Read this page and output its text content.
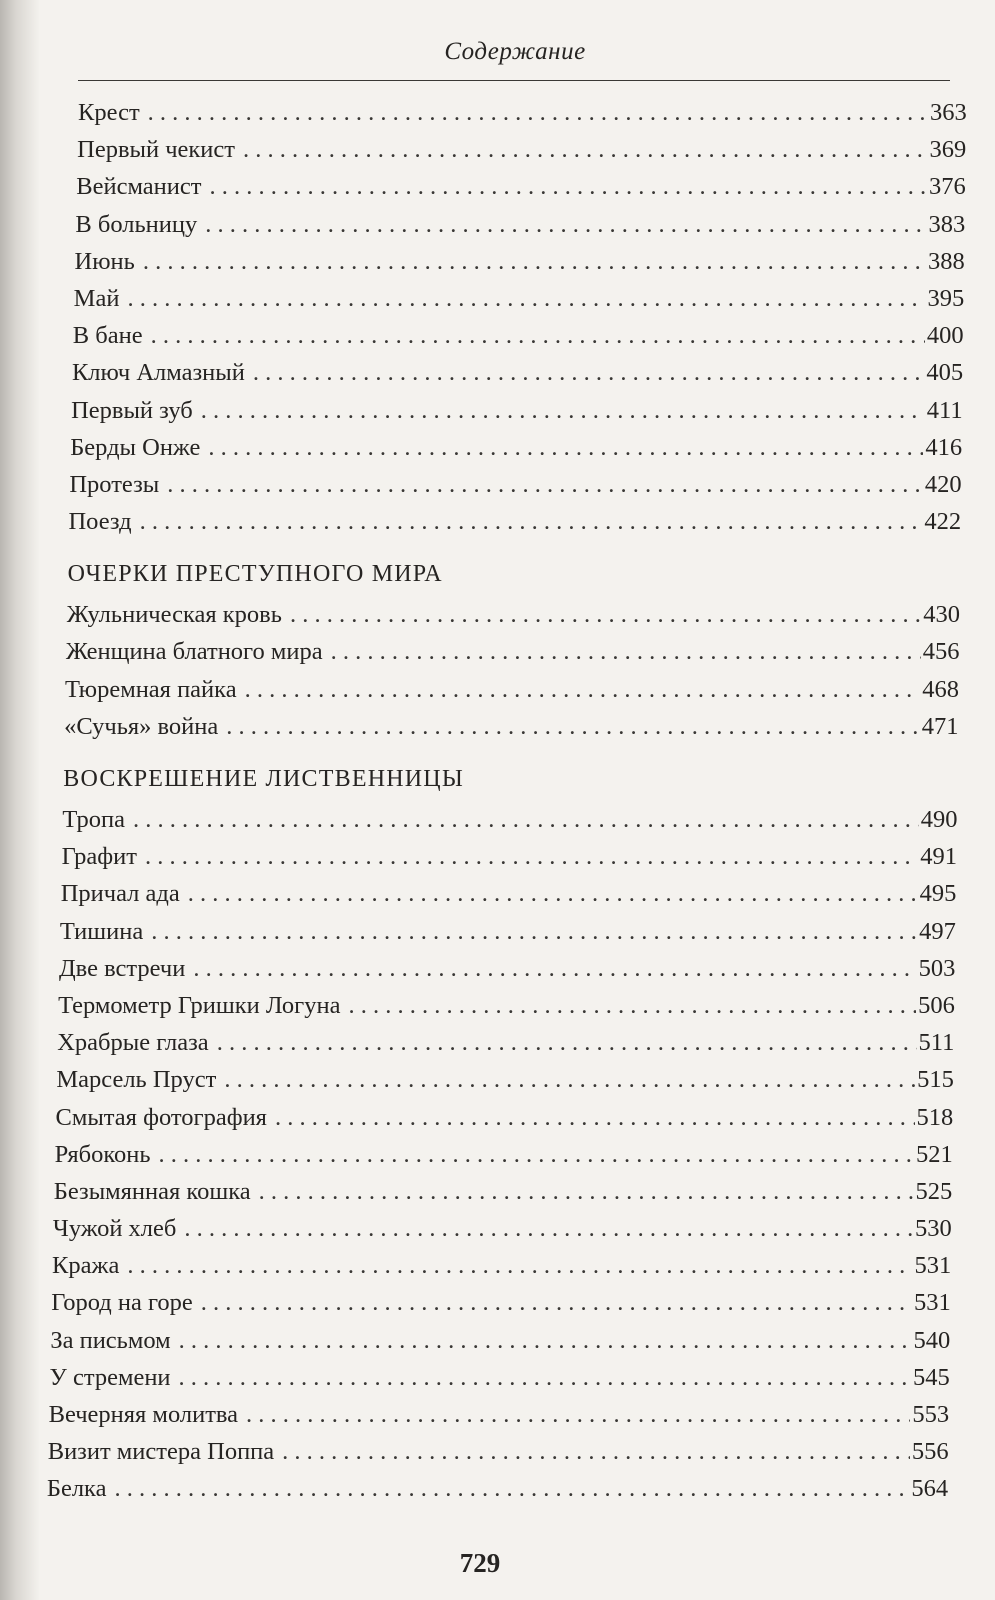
Содержание
Крест . . .	363
Первый чекист . . .	369
Вейсманист . . .	376
В больницу . . .	383
Июнь . . .	388
Май . . .	395
В бане . . .	400
Ключ Алмазный . . .	405
Первый зуб . . .	411
Берды Онже . . .	416
Протезы . . .	420
Поезд . . .	422
ОЧЕРКИ ПРЕСТУПНОГО МИРА
Жульническая кровь . . .	430
Женщина блатного мира . . .	456
Тюремная пайка . . .	468
«Сучья» война . . .	471
ВОСКРЕШЕНИЕ ЛИСТВЕННИЦЫ
Тропа . . .	490
Графит . . .	491
Причал ада . . .	495
Тишина . . .	497
Две встречи . . .	503
Термометр Гришки Логуна . . .	506
Храбрые глаза . . .	511
Марсель Пруст . . .	515
Смытая фотография . . .	518
Рябоконь . . .	521
Безымянная кошка . . .	525
Чужой хлеб . . .	530
Кража . . .	531
Город на горе . . .	531
За письмом . . .	540
У стремени . . .	545
Вечерняя молитва . . .	553
Визит мистера Поппа . . .	556
Белка . . .	564
729
